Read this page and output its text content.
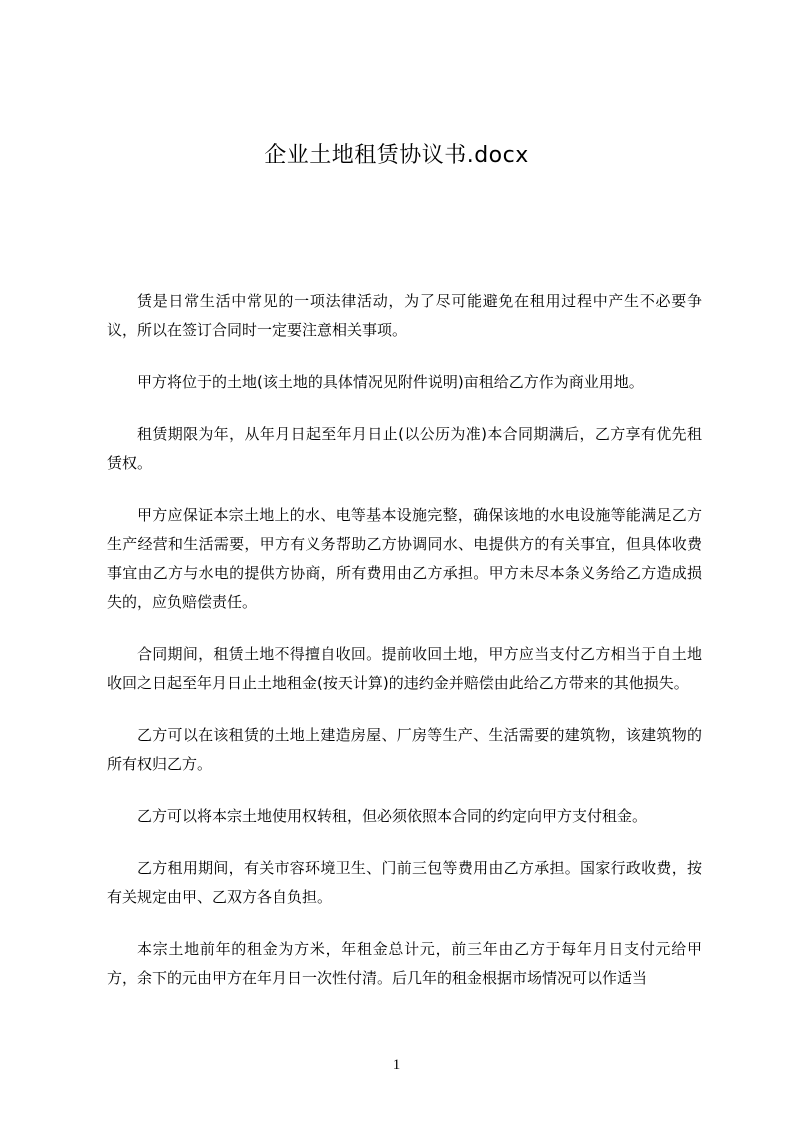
企业土地租赁协议书.docx

赁是日常生活中常见的一项法律活动，为了尽可能避免在租用过程中产生不必要争议，所以在签订合同时一定要注意相关事项。

甲方将位于的土地(该土地的具体情况见附件说明)亩租给乙方作为商业用地。

租赁期限为年，从年月日起至年月日止(以公历为准)本合同期满后，乙方享有优先租赁权。

甲方应保证本宗土地上的水、电等基本设施完整，确保该地的水电设施等能满足乙方生产经营和生活需要，甲方有义务帮助乙方协调同水、电提供方的有关事宜，但具体收费事宜由乙方与水电的提供方协商，所有费用由乙方承担。甲方未尽本条义务给乙方造成损失的，应负赔偿责任。

合同期间，租赁土地不得擅自收回。提前收回土地，甲方应当支付乙方相当于自土地收回之日起至年月日止土地租金(按天计算)的违约金并赔偿由此给乙方带来的其他损失。

乙方可以在该租赁的土地上建造房屋、厂房等生产、生活需要的建筑物，该建筑物的所有权归乙方。

乙方可以将本宗土地使用权转租，但必须依照本合同的约定向甲方支付租金。

乙方租用期间，有关市容环境卫生、门前三包等费用由乙方承担。国家行政收费，按有关规定由甲、乙双方各自负担。

本宗土地前年的租金为方米，年租金总计元，前三年由乙方于每年月日支付元给甲方，余下的元由甲方在年月日一次性付清。后几年的租金根据市场情况可以作适当

1
